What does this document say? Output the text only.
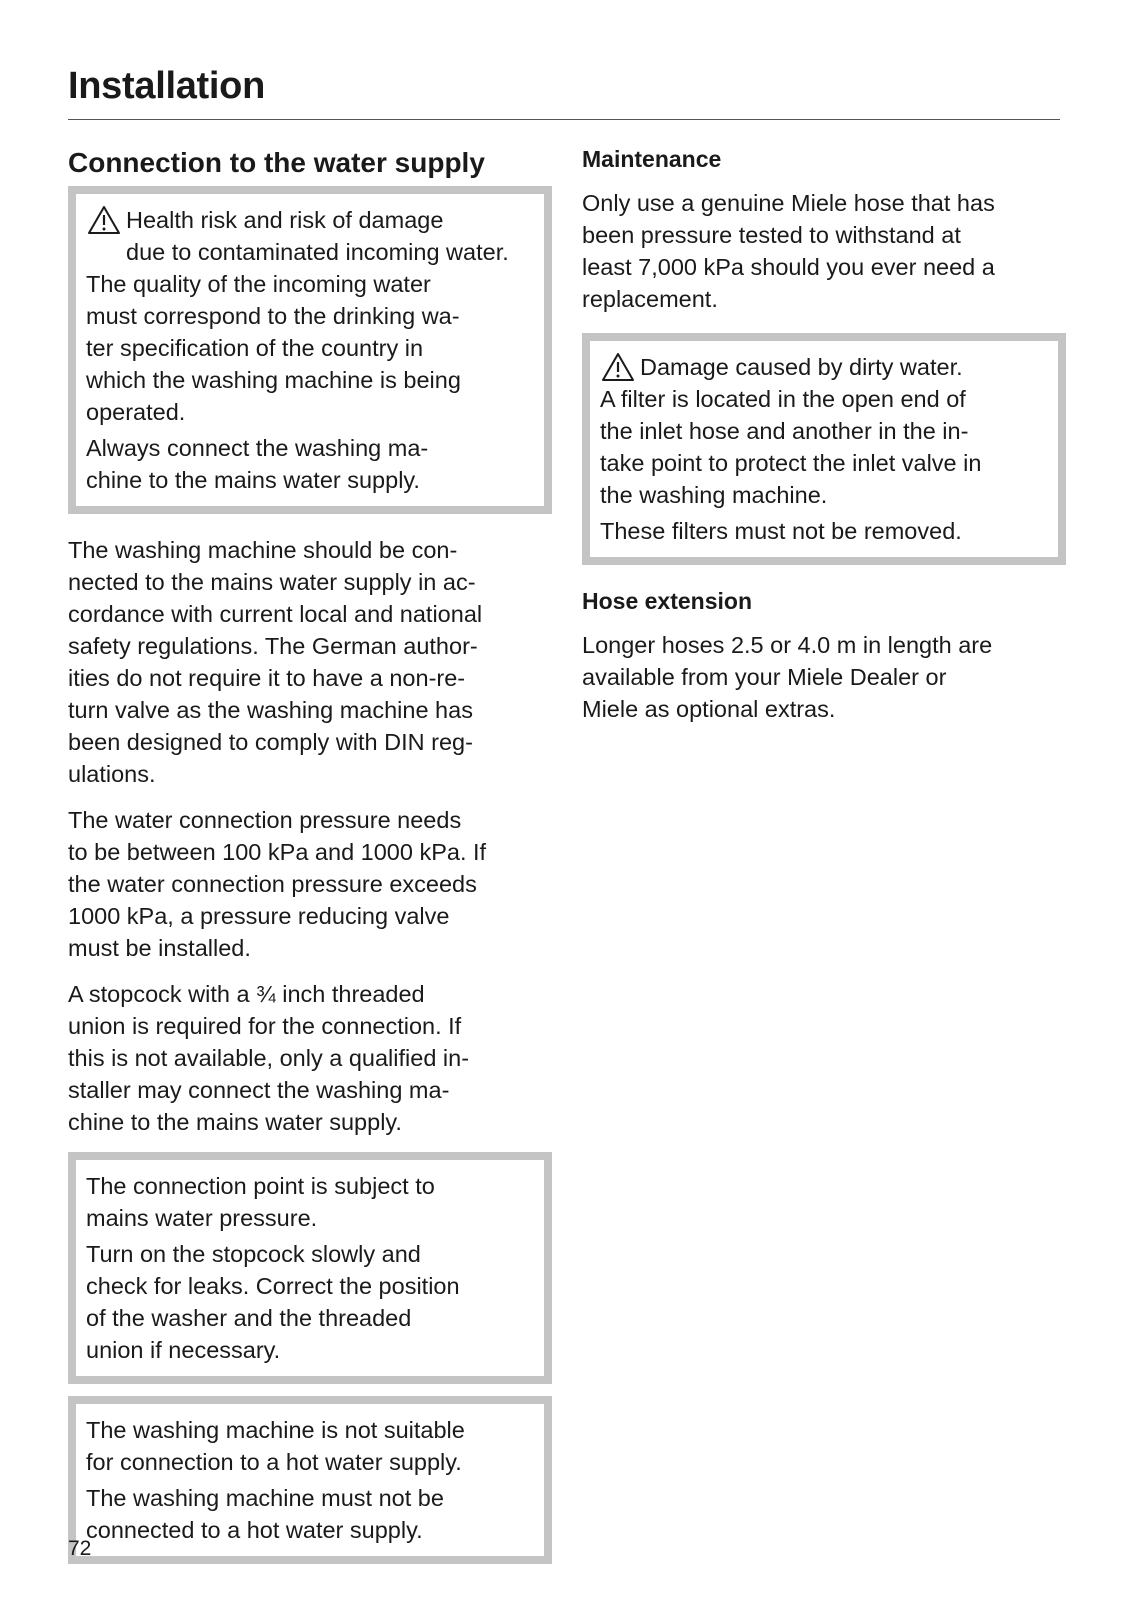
Installation
Connection to the water supply

Health risk and risk of damage
due to contaminated incoming water.

The quality of the incoming water
must correspond to the drinking wa-
ter specification of the country in
which the washing machine is being
operated.

Always connect the washing ma-
chine to the mains water supply.

The washing machine should be con-
nected to the mains water supply in ac-
cordance with current local and national
safety regulations. The German author-
ities do not require it to have a non-re-
turn valve as the washing machine has
been designed to comply with DIN reg-
ulations.

The water connection pressure needs
to be between 100 kPa and 1000 kPa. If
the water connection pressure exceeds
1000 kPa, a pressure reducing valve
must be installed.

A stopcock with a ¾ inch threaded
union is required for the connection. If
this is not available, only a qualified in-
staller may connect the washing ma-
chine to the mains water supply.

The connection point is subject to
mains water pressure.

Turn on the stopcock slowly and
check for leaks. Correct the position
of the washer and the threaded
union if necessary.

The washing machine is not suitable
for connection to a hot water supply.

The washing machine must not be
connected to a hot water supply.

Maintenance

Only use a genuine Miele hose that has
been pressure tested to withstand at
least 7,000 kPa should you ever need a
replacement.

Damage caused by dirty water.

A filter is located in the open end of
the inlet hose and another in the in-
take point to protect the inlet valve in
the washing machine.

These filters must not be removed.

Hose extension

Longer hoses 2.5 or 4.0 m in length are
available from your Miele Dealer or
Miele as optional extras.

72
